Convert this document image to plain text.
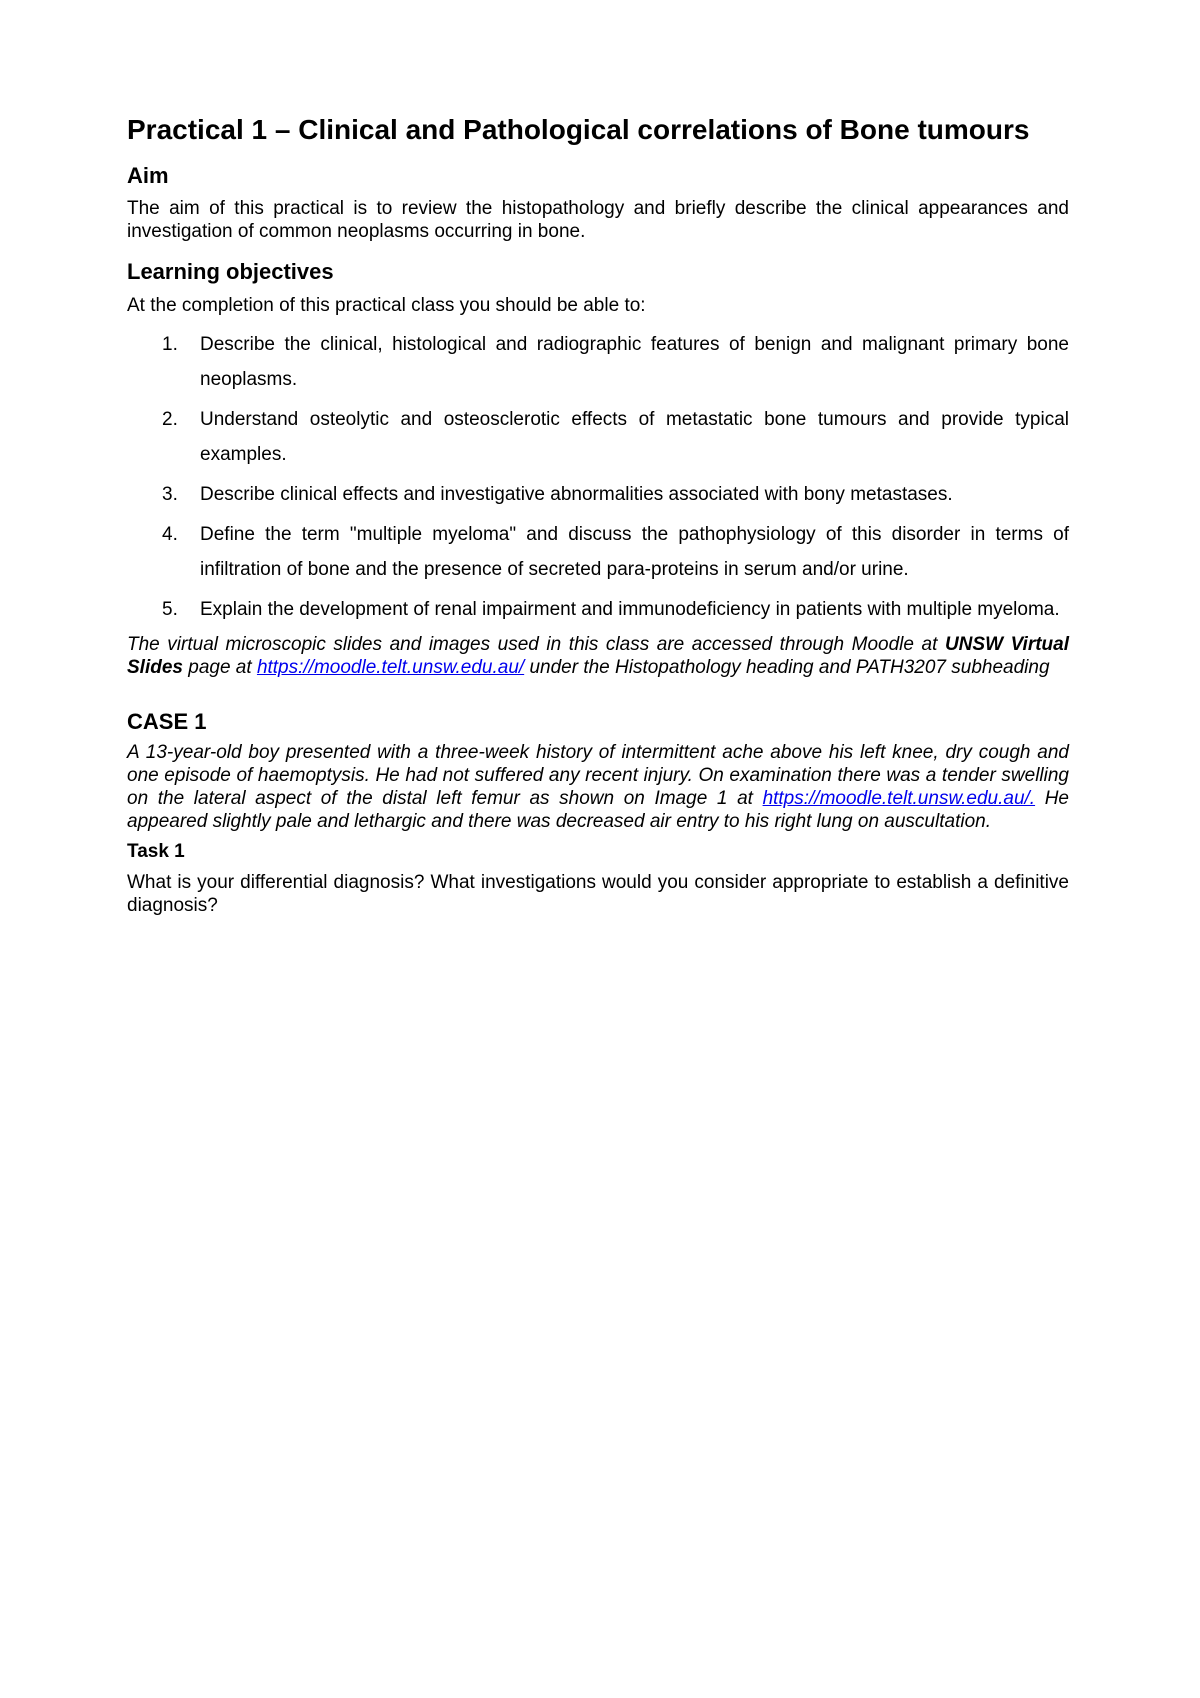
Practical 1 – Clinical and Pathological correlations of Bone tumours
Aim

The aim of this practical is to review the histopathology and briefly describe the clinical appearances and investigation of common neoplasms occurring in bone.

Learning objectives

At the completion of this practical class you should be able to:

1.	Describe the clinical, histological and radiographic features of benign and malignant primary bone neoplasms.
2.	Understand osteolytic and osteosclerotic effects of metastatic bone tumours and provide typical examples.
3.	Describe clinical effects and investigative abnormalities associated with bony metastases.
4.	Define the term "multiple myeloma" and discuss the pathophysiology of this disorder in terms of infiltration of bone and the presence of secreted para-proteins in serum and/or urine.
5.	Explain the development of renal impairment and immunodeficiency in patients with multiple myeloma.

The virtual microscopic slides and images used in this class are accessed through Moodle at UNSW Virtual Slides page at https://moodle.telt.unsw.edu.au/ under the Histopathology heading and PATH3207 subheading

CASE 1

A 13-year-old boy presented with a three-week history of intermittent ache above his left knee, dry cough and one episode of haemoptysis. He had not suffered any recent injury. On examination there was a tender swelling on the lateral aspect of the distal left femur as shown on Image 1 at https://moodle.telt.unsw.edu.au/. He appeared slightly pale and lethargic and there was decreased air entry to his right lung on auscultation.

Task 1

What is your differential diagnosis? What investigations would you consider appropriate to establish a definitive diagnosis?
